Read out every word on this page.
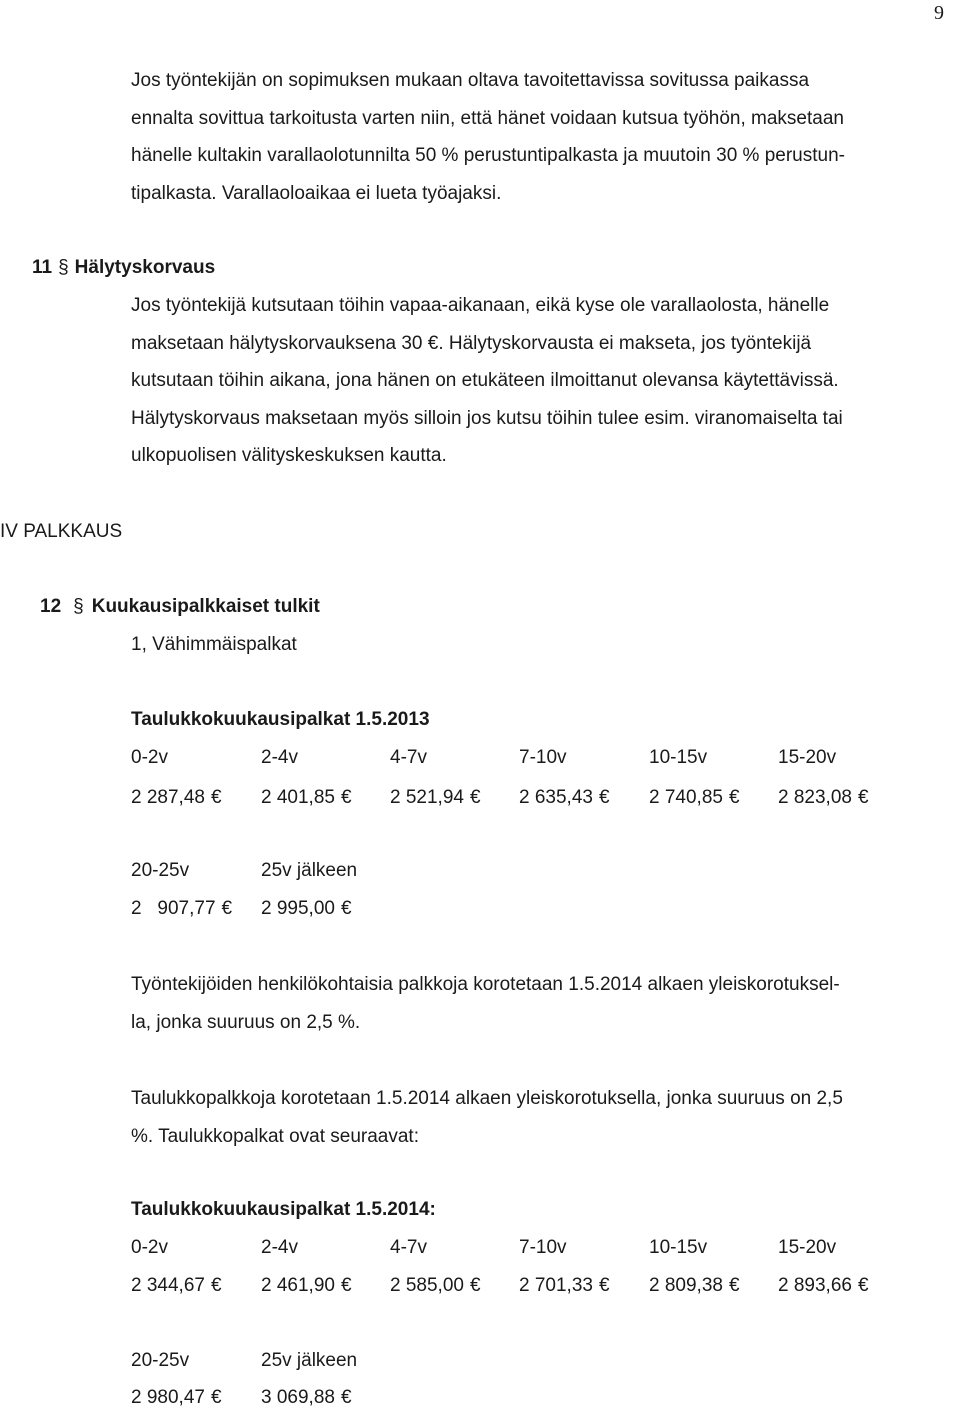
9

Jos työntekijän on sopimuksen mukaan oltava tavoitettavissa sovitussa paikassa

ennalta sovittua tarkoitusta varten niin, että hänet voidaan kutsua työhön, maksetaan

hänelle kultakin varallaolotunnilta 50 % perustuntipalkasta ja muutoin 30 % perustun-

tipalkasta. Varallaoloaikaa ei lueta työajaksi.

11 § Hälytyskorvaus

Jos työntekijä kutsutaan töihin vapaa-aikanaan, eikä kyse ole varallaolosta, hänelle

maksetaan hälytyskorvauksena 30 €. Hälytyskorvausta ei makseta, jos työntekijä

kutsutaan töihin aikana, jona hänen on etukäteen ilmoittanut olevansa käytettävissä.

Hälytyskorvaus maksetaan myös silloin jos kutsu töihin tulee esim. viranomaiselta tai

ulkopuolisen välityskeskuksen kautta.

IV PALKKAUS
12 § Kuukausipalkkaiset tulkit
1, Vähimmäispalkat
Taulukkokuukausipalkat 1.5.2013
0-2v	2-4v	4-7v	7-10v	10-15v	15-20v
2 287,48 € 2 401,85 € 2 521,94 € 2 635,43 € 2 740,85 € 2 823,08 €
20-25v	25v jälkeen
2   907,77 € 2 995,00 €

Työntekijöiden henkilökohtaisia palkkoja korotetaan 1.5.2014 alkaen yleiskorotuksel-

la, jonka suuruus on 2,5 %.

Taulukkopalkkoja korotetaan 1.5.2014 alkaen yleiskorotuksella, jonka suuruus on 2,5

%. Taulukkopalkat ovat seuraavat:

Taulukkokuukausipalkat 1.5.2014:
0-2v	2-4v	4-7v	7-10v	10-15v	15-20v
2 344,67 € 2 461,90 € 2 585,00 € 2 701,33 € 2 809,38 € 2 893,66 €
20-25v	25v jälkeen
2 980,47 € 3 069,88 €
